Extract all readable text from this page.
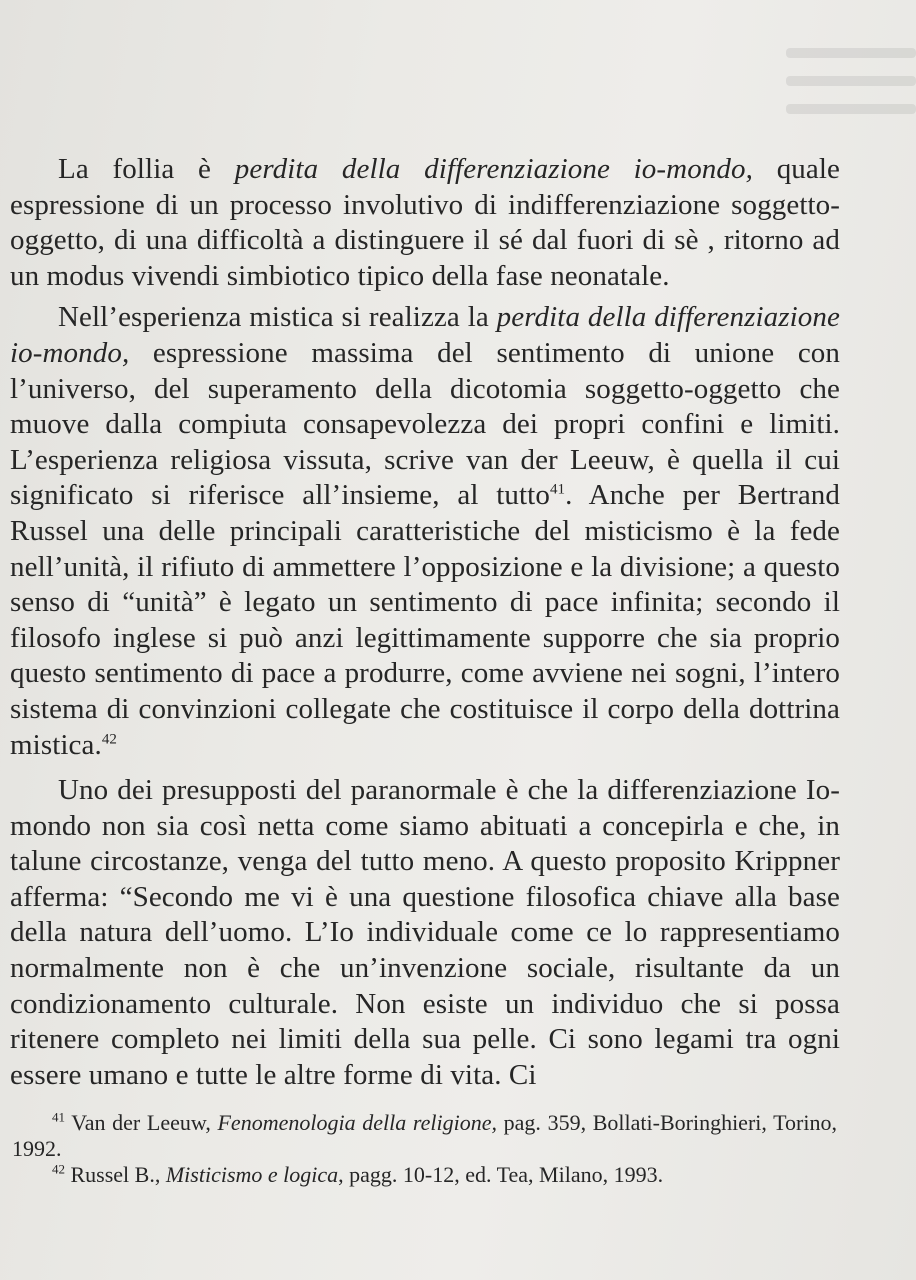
La follia è perdita della differenziazione io-mondo, quale espressione di un processo involutivo di indifferenziazione soggetto-oggetto, di una difficoltà a distinguere il sé dal fuori di sè , ritorno ad un modus vivendi simbiotico tipico della fase neonatale.

Nell’esperienza mistica si realizza la perdita della differenziazione io-mondo, espressione massima del sentimento di unione con l’universo, del superamento della dicotomia soggetto-oggetto che muove dalla compiuta consapevolezza dei propri confini e limiti. L’esperienza religiosa vissuta, scrive van der Leeuw, è quella il cui significato si riferisce all’insieme, al tutto$^{41}$. Anche per Bertrand Russel una delle principali caratteristiche del misticismo è la fede nell’unità, il rifiuto di ammettere l’opposizione e la divisione; a questo senso di “unità” è legato un sentimento di pace infinita; secondo il filosofo inglese si può anzi legittimamente supporre che sia proprio questo sentimento di pace a produrre, come avviene nei sogni, l’intero sistema di convinzioni collegate che costituisce il corpo della dottrina mistica.$^{42}$

Uno dei presupposti del paranormale è che la differenziazione Io-mondo non sia così netta come siamo abituati a concepirla e che, in talune circostanze, venga del tutto meno. A questo proposito Krippner afferma: “Secondo me vi è una questione filosofica chiave alla base della natura dell’uomo. L’Io individuale come ce lo rappresentiamo normalmente non è che un’invenzione sociale, risultante da un condizionamento culturale. Non esiste un individuo che si possa ritenere completo nei limiti della sua pelle. Ci sono legami tra ogni essere umano e tutte le altre forme di vita. Ci

$^{41}$ Van der Leeuw, Fenomenologia della religione, pag. 359, Bollati-Boringhieri, Torino, 1992.

$^{42}$ Russel B., Misticismo e logica, pagg. 10-12, ed. Tea, Milano, 1993.
